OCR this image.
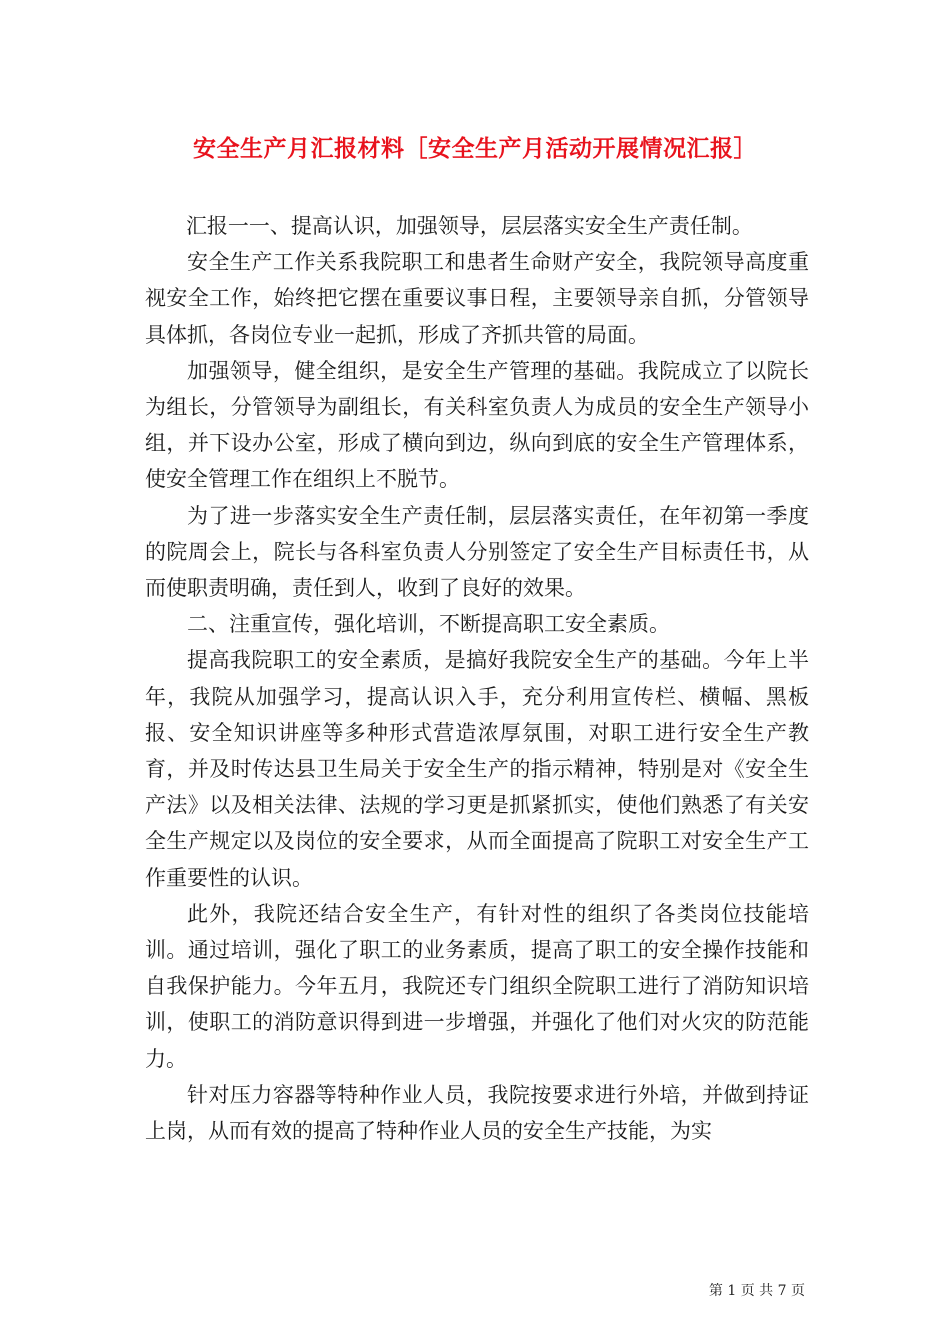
安全生产月汇报材料［安全生产月活动开展情况汇报］

汇报一一、提高认识，加强领导，层层落实安全生产责任制。

安全生产工作关系我院职工和患者生命财产安全，我院领导高度重视安全工作，始终把它摆在重要议事日程，主要领导亲自抓，分管领导具体抓，各岗位专业一起抓，形成了齐抓共管的局面。

加强领导，健全组织，是安全生产管理的基础。我院成立了以院长为组长，分管领导为副组长，有关科室负责人为成员的安全生产领导小组，并下设办公室，形成了横向到边，纵向到底的安全生产管理体系，使安全管理工作在组织上不脱节。

为了进一步落实安全生产责任制，层层落实责任，在年初第一季度的院周会上，院长与各科室负责人分别签定了安全生产目标责任书，从而使职责明确，责任到人，收到了良好的效果。

二、注重宣传，强化培训，不断提高职工安全素质。

提高我院职工的安全素质，是搞好我院安全生产的基础。今年上半年，我院从加强学习，提高认识入手，充分利用宣传栏、横幅、黑板报、安全知识讲座等多种形式营造浓厚氛围，对职工进行安全生产教育，并及时传达县卫生局关于安全生产的指示精神，特别是对《安全生产法》以及相关法律、法规的学习更是抓紧抓实，使他们熟悉了有关安全生产规定以及岗位的安全要求，从而全面提高了院职工对安全生产工作重要性的认识。

此外，我院还结合安全生产，有针对性的组织了各类岗位技能培训。通过培训，强化了职工的业务素质，提高了职工的安全操作技能和自我保护能力。今年五月，我院还专门组织全院职工进行了消防知识培训，使职工的消防意识得到进一步增强，并强化了他们对火灾的防范能力。

针对压力容器等特种作业人员，我院按要求进行外培，并做到持证上岗，从而有效的提高了特种作业人员的安全生产技能，为实

第 1 页 共 7 页
